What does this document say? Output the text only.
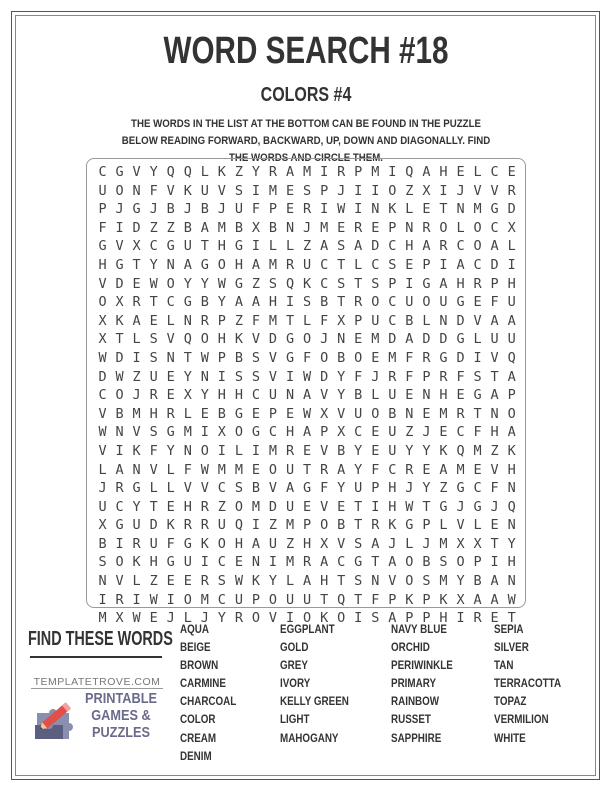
WORD SEARCH #18
COLORS #4
THE WORDS IN THE LIST AT THE BOTTOM CAN BE FOUND IN THE PUZZLE BELOW READING FORWARD, BACKWARD, UP, DOWN AND DIAGONALLY. FIND THE WORDS AND CIRCLE THEM.
C G V Y Q Q L K Z Y R A M I R P M I Q A H E L C E
U O N F V K U V S I M E S P J I I O Z X I J V V R
P J G J B J B J U F P E R I W I N K L E T N M G D
F I D Z Z B A M B X B N J M E R E P N R O L O C X
G V X C G U T H G I L L Z A S A D C H A R C O A L
H G T Y N A G O H A M R U C T L C S E P I A C D I
V D E W O Y Y W G Z S Q K C S T S P I G A H R P H
O X R T C G B Y A A H I S B T R O C U O U G E F U
X K A E L N R P Z F M T L F X P U C B L N D V A A
X T L S V Q O H K V D G O J N E M D A D D G L U U
W D I S N T W P B S V G F O B O E M F R G D I V Q
D W Z U E Y N I S S V I W D Y F J R F P R F S T A
C O J R E X Y H H C U N A V Y B L U E N H E G A P
V B M H R L E B G E P E W X V U O B N E M R T N O
W N V S G M I X O G C H A P X C E U Z J E C F H A
V I K F Y N O I L I M R E V B Y E U Y Y K Q M Z K
L A N V L F W M M E O U T R A Y F C R E A M E V H
J R G L L V V C S B V A G F Y U P H J Y Z G C F N
U C Y T E H R Z O M D U E V E T I H W T G J G J Q
X G U D K R R U Q I Z M P O B T R K G P L V L E N
B I R U F G K O H A U Z H X V S A J L J M X X T Y
S O K H G U I C E N I M R A C G T A O B S O P I H
N V L Z E E R S W K Y L A H T S N V O S M Y B A N
I R I W I O M C U P O U U T Q T F P K P K X A A W
M X W E J L J Y R O V I O K O I S A P P H I R E T
FIND THESE WORDS
TEMPLATETROVE.COM
PRINTABLE
GAMES &
PUZZLES
AQUA
BEIGE
BROWN
CARMINE
CHARCOAL
COLOR
CREAM
DENIM
EGGPLANT
GOLD
GREY
IVORY
KELLY GREEN
LIGHT
MAHOGANY
NAVY BLUE
ORCHID
PERIWINKLE
PRIMARY
RAINBOW
RUSSET
SAPPHIRE
SEPIA
SILVER
TAN
TERRACOTTA
TOPAZ
VERMILION
WHITE
